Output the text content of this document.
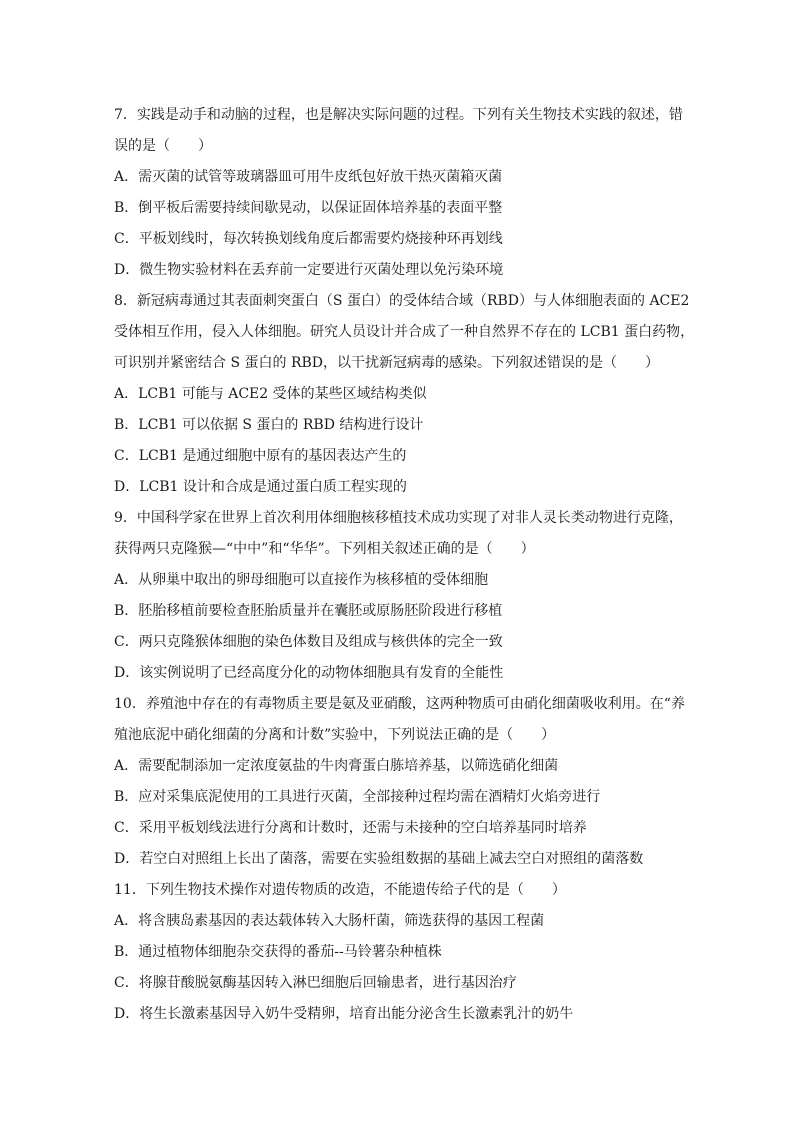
7．实践是动手和动脑的过程，也是解决实际问题的过程。下列有关生物技术实践的叙述，错
误的是（　　）
A．需灭菌的试管等玻璃器皿可用牛皮纸包好放干热灭菌箱灭菌
B．倒平板后需要持续间歇晃动，以保证固体培养基的表面平整
C．平板划线时，每次转换划线角度后都需要灼烧接种环再划线
D．微生物实验材料在丢弃前一定要进行灭菌处理以免污染环境
8．新冠病毒通过其表面刺突蛋白（S 蛋白）的受体结合域（RBD）与人体细胞表面的 ACE2
受体相互作用，侵入人体细胞。研究人员设计并合成了一种自然界不存在的 LCB1 蛋白药物，
可识别并紧密结合 S 蛋白的 RBD，以干扰新冠病毒的感染。下列叙述错误的是（　　）
A．LCB1 可能与 ACE2 受体的某些区域结构类似
B．LCB1 可以依据 S 蛋白的 RBD 结构进行设计
C．LCB1 是通过细胞中原有的基因表达产生的
D．LCB1 设计和合成是通过蛋白质工程实现的
9．中国科学家在世界上首次利用体细胞核移植技术成功实现了对非人灵长类动物进行克隆，
获得两只克隆猴—“中中”和“华华”。下列相关叙述正确的是（　　）
A．从卵巢中取出的卵母细胞可以直接作为核移植的受体细胞
B．胚胎移植前要检查胚胎质量并在囊胚或原肠胚阶段进行移植
C．两只克隆猴体细胞的染色体数目及组成与核供体的完全一致
D．该实例说明了已经高度分化的动物体细胞具有发育的全能性
10．养殖池中存在的有毒物质主要是氨及亚硝酸，这两种物质可由硝化细菌吸收利用。在“养
殖池底泥中硝化细菌的分离和计数”实验中，下列说法正确的是（　　）
A．需要配制添加一定浓度氨盐的牛肉膏蛋白胨培养基，以筛选硝化细菌
B．应对采集底泥使用的工具进行灭菌，全部接种过程均需在酒精灯火焰旁进行
C．采用平板划线法进行分离和计数时，还需与未接种的空白培养基同时培养
D．若空白对照组上长出了菌落，需要在实验组数据的基础上减去空白对照组的菌落数
11．下列生物技术操作对遗传物质的改造，不能遗传给子代的是（　　）
A．将含胰岛素基因的表达载体转入大肠杆菌，筛选获得的基因工程菌
B．通过植物体细胞杂交获得的番茄--马铃薯杂种植株
C．将腺苷酸脱氨酶基因转入淋巴细胞后回输患者，进行基因治疗
D．将生长激素基因导入奶牛受精卵，培育出能分泌含生长激素乳汁的奶牛
